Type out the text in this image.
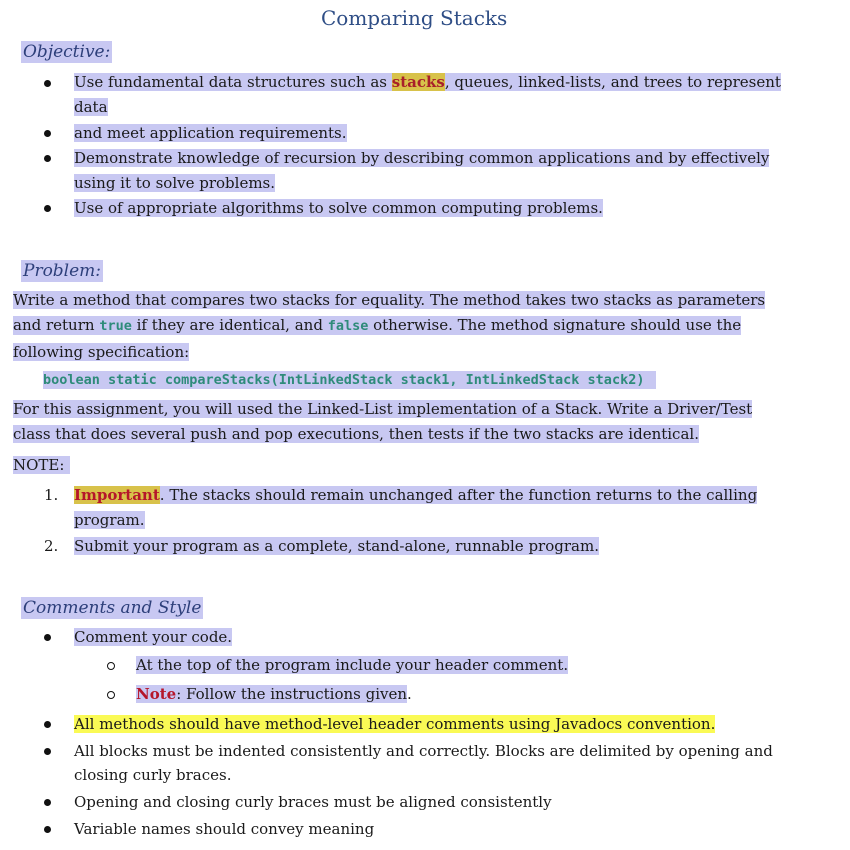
Comparing Stacks
Objective:
Use fundamental data structures such as stacks, queues, linked-lists, and trees to represent
data
and meet application requirements.
Demonstrate knowledge of recursion by describing common applications and by effectively
using it to solve problems.
Use of appropriate algorithms to solve common computing problems.
Problem:
Write a method that compares two stacks for equality. The method takes two stacks as parameters
and return true if they are identical, and false otherwise. The method signature should use the
following specification:
boolean static compareStacks(IntLinkedStack stack1, IntLinkedStack stack2)
For this assignment, you will used the Linked-List implementation of a Stack. Write a Driver/Test
class that does several push and pop executions, then tests if the two stacks are identical.
NOTE:
1. Important. The stacks should remain unchanged after the function returns to the calling
program.
2. Submit your program as a complete, stand-alone, runnable program.
Comments and Style
Comment your code.
At the top of the program include your header comment.
Note: Follow the instructions given.
All methods should have method-level header comments using Javadocs convention.
All blocks must be indented consistently and correctly. Blocks are delimited by opening and
closing curly braces.
Opening and closing curly braces must be aligned consistently
Variable names should convey meaning
